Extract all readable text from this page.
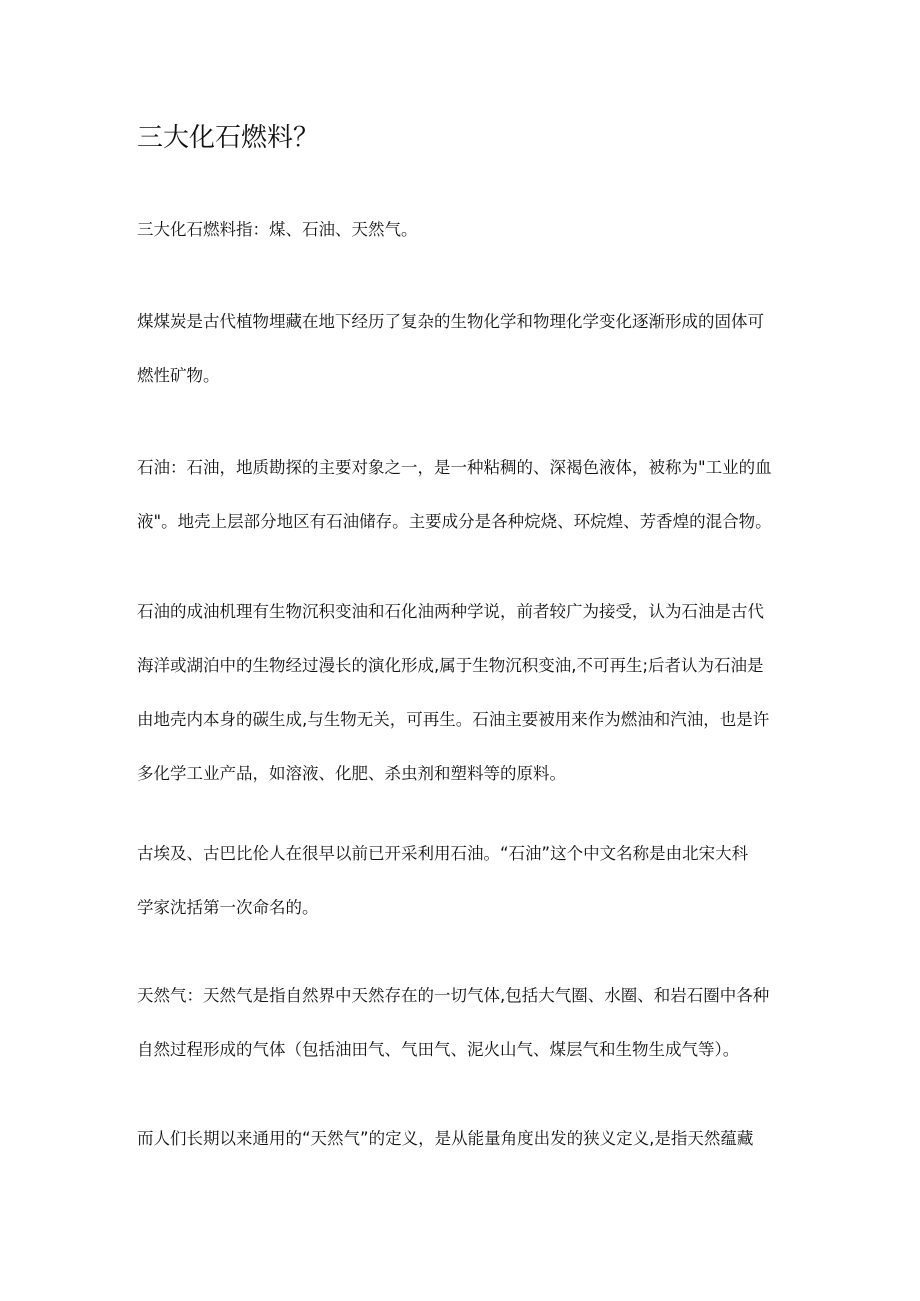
三大化石燃料？

三大化石燃料指：煤、石油、天然气。

煤煤炭是古代植物埋藏在地下经历了复杂的生物化学和物理化学变化逐渐形成的固体可
燃性矿物。

石油：石油，地质勘探的主要对象之一，是一种粘稠的、深褐色液体，被称为"工业的血
液"。地壳上层部分地区有石油储存。主要成分是各种烷烧、环烷煌、芳香煌的混合物。

石油的成油机理有生物沉积变油和石化油两种学说，前者较广为接受，认为石油是古代
海洋或湖泊中的生物经过漫长的演化形成,属于生物沉积变油,不可再生;后者认为石油是
由地壳内本身的碳生成,与生物无关，可再生。石油主要被用来作为燃油和汽油，也是许
多化学工业产品，如溶液、化肥、杀虫剂和塑料等的原料。

古埃及、古巴比伦人在很早以前已开采利用石油。“石油”这个中文名称是由北宋大科
学家沈括第一次命名的。

天然气：天然气是指自然界中天然存在的一切气体,包括大气圈、水圈、和岩石圈中各种
自然过程形成的气体（包括油田气、气田气、泥火山气、煤层气和生物生成气等）。

而人们长期以来通用的“天然气”的定义，是从能量角度出发的狭义定义,是指天然蕴藏
